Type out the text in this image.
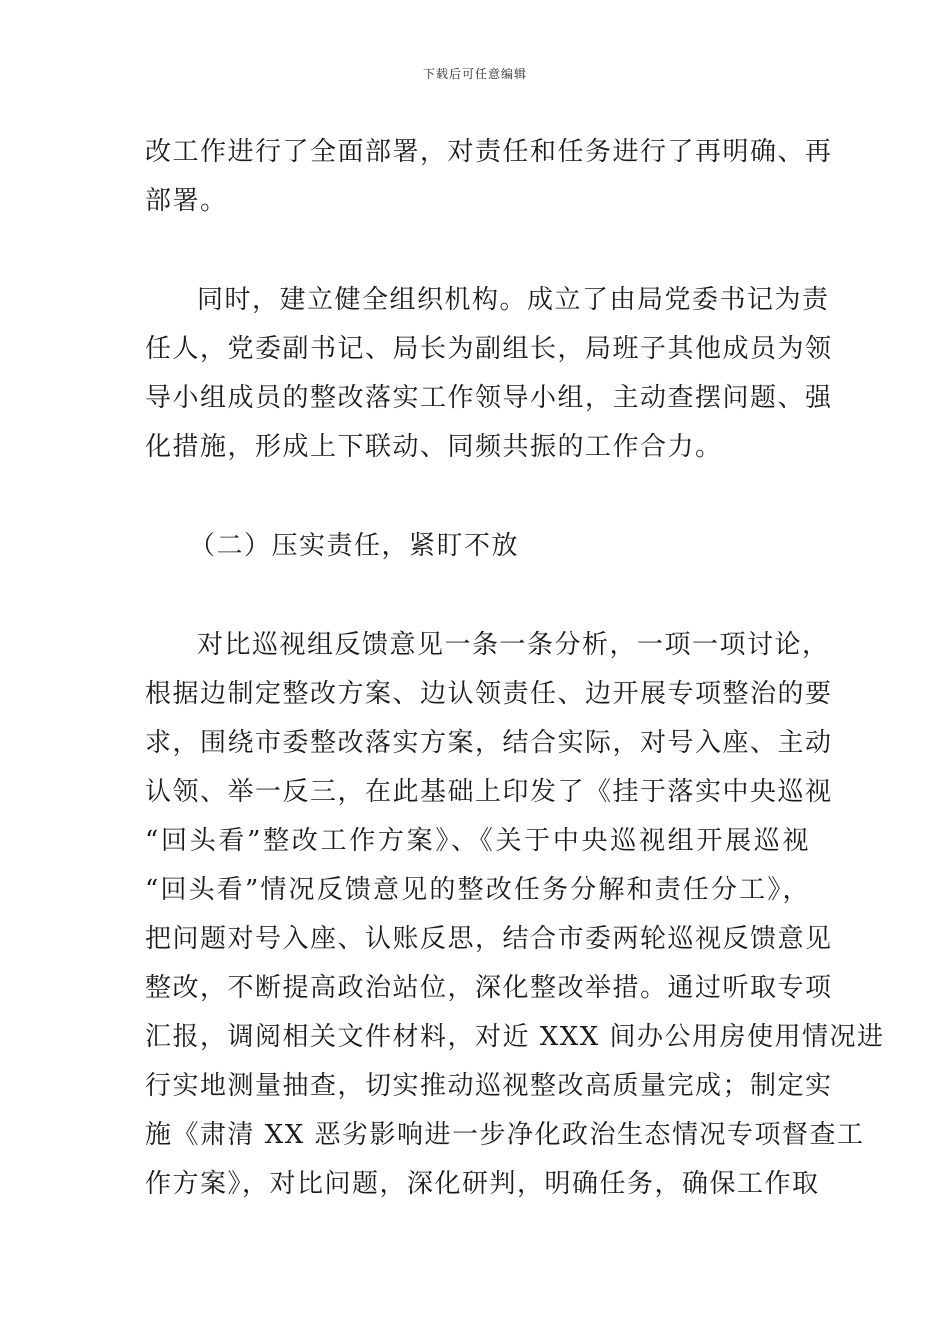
下载后可任意编辑

改工作进行了全面部署，对责任和任务进行了再明确、再
部署。

同时，建立健全组织机构。成立了由局党委书记为责
任人，党委副书记、局长为副组长，局班子其他成员为领
导小组成员的整改落实工作领导小组，主动查摆问题、强
化措施，形成上下联动、同频共振的工作合力。

（二）压实责任，紧盯不放

对比巡视组反馈意见一条一条分析，一项一项讨论，
根据边制定整改方案、边认领责任、边开展专项整治的要
求，围绕市委整改落实方案，结合实际，对号入座、主动
认领、举一反三，在此基础上印发了《挂于落实中央巡视
“回头看”整改工作方案》、《关于中央巡视组开展巡视
“回头看”情况反馈意见的整改任务分解和责任分工》，
把问题对号入座、认账反思，结合市委两轮巡视反馈意见
整改，不断提高政治站位，深化整改举措。通过听取专项
汇报，调阅相关文件材料，对近 XXX 间办公用房使用情况进
行实地测量抽查，切实推动巡视整改高质量完成；制定实
施《肃清 XX 恶劣影响进一步净化政治生态情况专项督查工
作方案》，对比问题，深化研判，明确任务，确保工作取
